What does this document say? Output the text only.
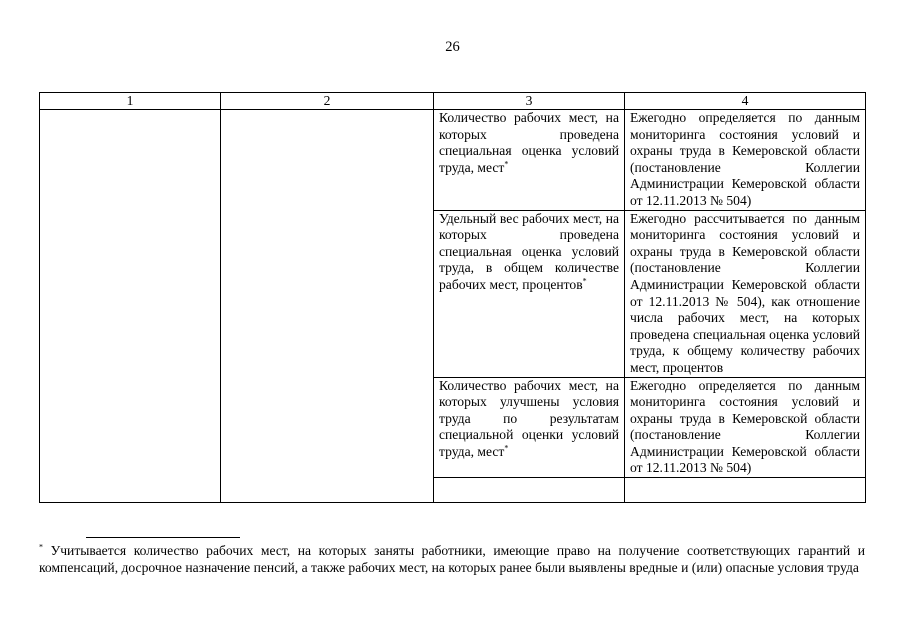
26
1	2	3	4
		Количество рабочих мест, на которых проведена специальная оценка условий труда, мест*	Ежегодно определяется по данным мониторинга состояния условий и охраны труда в Кемеровской области (постановление Коллегии Администрации Кемеровской области от 12.11.2013 № 504)
		Удельный вес рабочих мест, на которых проведена специальная оценка условий труда, в общем количестве рабочих мест, процентов*	Ежегодно рассчитывается по данным мониторинга состояния условий и охраны труда в Кемеровской области (постановление Коллегии Администрации Кемеровской области от 12.11.2013 № 504), как отношение числа рабочих мест, на которых проведена специальная оценка условий труда, к общему количеству рабочих мест, процентов
		Количество рабочих мест, на которых улучшены условия труда по результатам специальной оценки условий труда, мест*	Ежегодно определяется по данным мониторинга состояния условий и охраны труда в Кемеровской области (постановление Коллегии Администрации Кемеровской области от 12.11.2013 № 504)

* Учитывается количество рабочих мест, на которых заняты работники, имеющие право на получение соответствующих гарантий и компенсаций, досрочное назначение пенсий, а также рабочих мест, на которых ранее были выявлены вредные и (или) опасные условия труда
